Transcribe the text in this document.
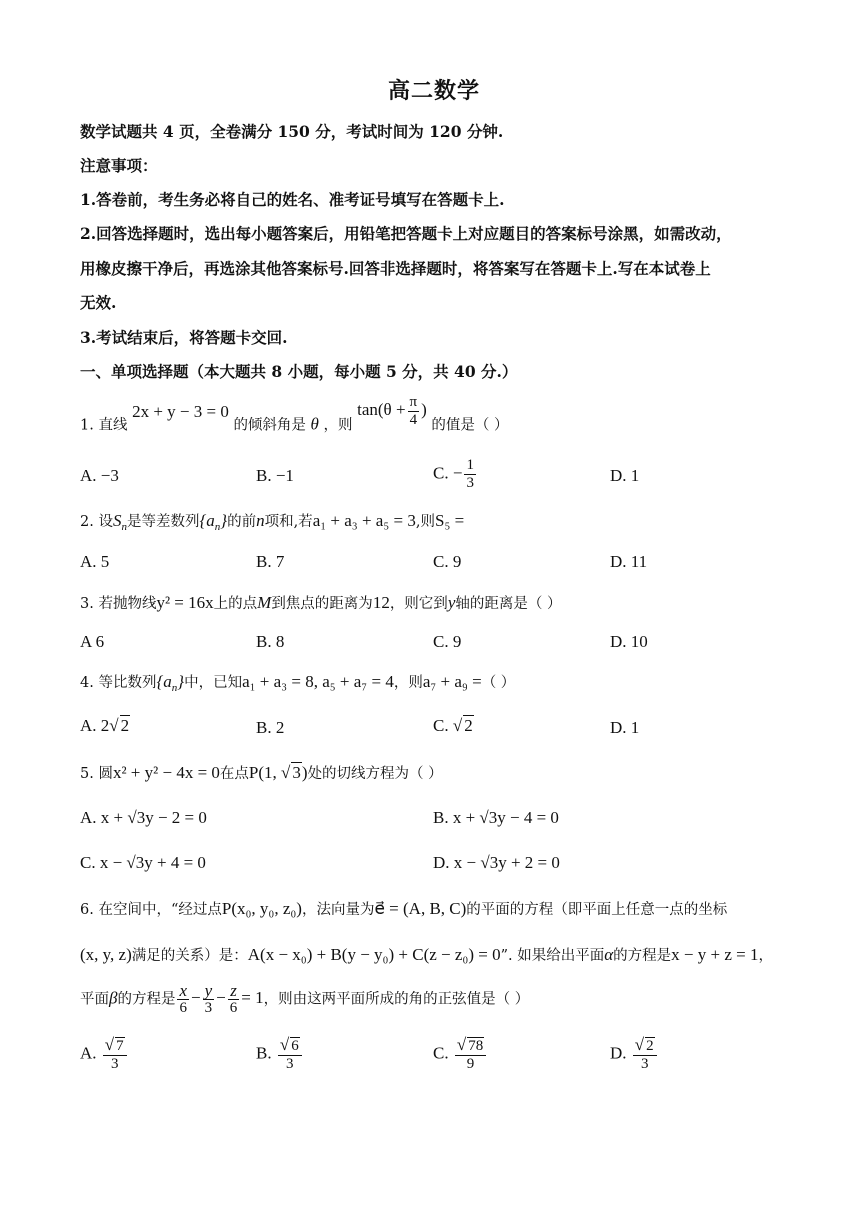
高二数学
数学试题共 4 页，全卷满分 150 分，考试时间为 120 分钟.
注意事项：
1.答卷前，考生务必将自己的姓名、准考证号填写在答题卡上.
2.回答选择题时，选出每小题答案后，用铅笔把答题卡上对应题目的答案标号涂黑，如需改动，
用橡皮擦干净后，再选涂其他答案标号.回答非选择题时，将答案写在答题卡上.写在本试卷上
无效.
3.考试结束后，将答题卡交回.
一、单项选择题（本大题共 8 小题，每小题 5 分，共 40 分.）
1. 直线 2x + y − 3 = 0 的倾斜角是 θ ，则 $\tan(\theta + \frac{\pi}{4}$ ) 的值是（ ）
A. −3	B. −1	C. − $\frac{1}{3}$	D. 1
2. 设$S_n$是等差数列$\{a_n\}$的前n项和,若a₁ + a₃ + a₅ = 3,则S₅ =
A. 5	B. 7	C. 9	D. 11
3. 若抛物线y² = 16x上的点M到焦点的距离为12，则它到y轴的距离是（ ）
A 6	B. 8	C. 9	D. 10
4. 等比数列$\{a_n\}$中，已知a₁ + a₃ = 8, a₅ + a₇ = 4，则a₇ + a₉ =（ ）
A. 2√ 2	B. 2	C. √ 2	D. 1
5. 圆x² + y² − 4x = 0在点P(1, √ 3)处的切线方程为（ ）
A. x + √3y − 2 = 0	B. x + √3y − 4 = 0
C. x − √3y + 4 = 0	D. x − √3y + 2 = 0
6. 在空间中，“经过点P(x₀, y₀, z₀)，法向量为e⃗ = (A, B, C)的平面的方程（即平面上任意一点的坐标
(x, y, z)满足的关系）是：A(x − x₀) + B(y − y₀) + C(z − z₀) = 0”. 如果给出平面α的方程是x − y + z = 1，
平面β的方程是 $\frac{x}{6} - \frac{y}{3} - \frac{z}{6} = 1$，则由这两平面所成的角的正弦值是（ ）
A. $\frac{√ 7}{3}$	B. $\frac{√ 6}{3}$	C. $\frac{√ 78}{9}$	D. $\frac{√ 2}{3}$
